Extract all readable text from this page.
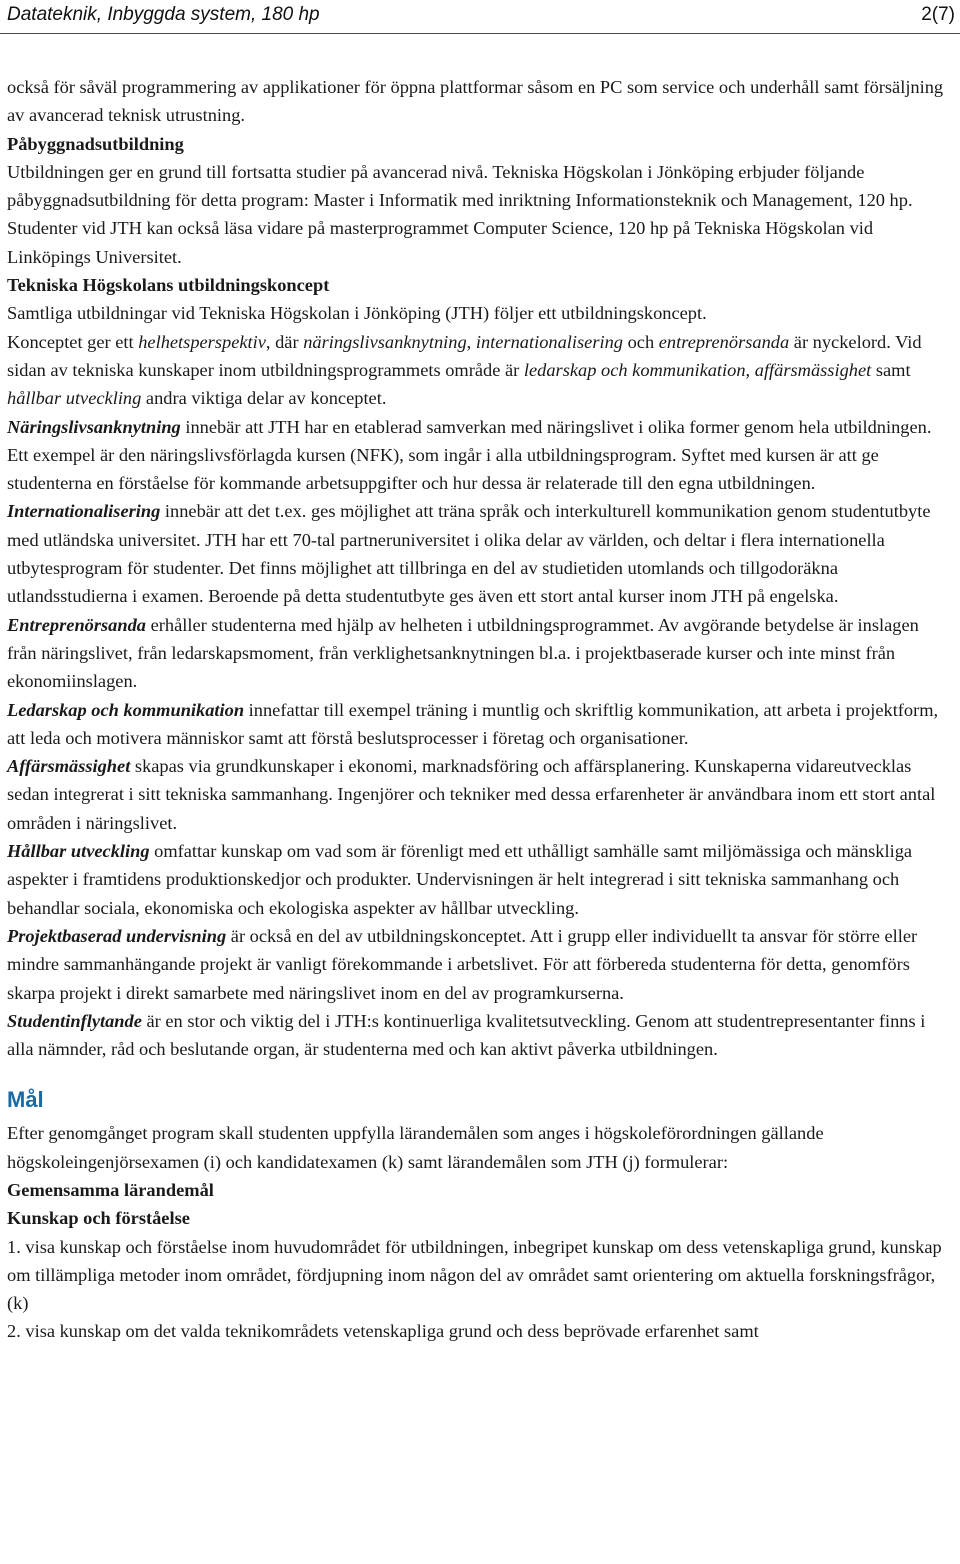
Datateknik, Inbyggda system, 180 hp	2(7)

också för såväl programmering av applikationer för öppna plattformar såsom en PC som service och underhåll samt försäljning av avancerad teknisk utrustning.

Påbyggnadsutbildning

Utbildningen ger en grund till fortsatta studier på avancerad nivå. Tekniska Högskolan i Jönköping erbjuder följande påbyggnadsutbildning för detta program: Master i Informatik med inriktning Informationsteknik och Management, 120 hp.

Studenter vid JTH kan också läsa vidare på masterprogrammet Computer Science, 120 hp på Tekniska Högskolan vid Linköpings Universitet.

Tekniska Högskolans utbildningskoncept

Samtliga utbildningar vid Tekniska Högskolan i Jönköping (JTH) följer ett utbildningskoncept.

Konceptet ger ett helhetsperspektiv, där näringslivsanknytning, internationalisering och entreprenörsanda är nyckelord. Vid sidan av tekniska kunskaper inom utbildningsprogrammets område är ledarskap och kommunikation, affärsmässighet samt hållbar utveckling andra viktiga delar av konceptet.

Näringslivsanknytning innebär att JTH har en etablerad samverkan med näringslivet i olika former genom hela utbildningen. Ett exempel är den näringslivsförlagda kursen (NFK), som ingår i alla utbildningsprogram. Syftet med kursen är att ge studenterna en förståelse för kommande arbetsuppgifter och hur dessa är relaterade till den egna utbildningen.

Internationalisering innebär att det t.ex. ges möjlighet att träna språk och interkulturell kommunikation genom studentutbyte med utländska universitet. JTH har ett 70-tal partneruniversitet i olika delar av världen, och deltar i flera internationella utbytesprogram för studenter. Det finns möjlighet att tillbringa en del av studietiden utomlands och tillgodoräkna utlandsstudierna i examen. Beroende på detta studentutbyte ges även ett stort antal kurser inom JTH på engelska.

Entreprenörsanda erhåller studenterna med hjälp av helheten i utbildningsprogrammet. Av avgörande betydelse är inslagen från näringslivet, från ledarskapsmoment, från verklighetsanknytningen bl.a. i projektbaserade kurser och inte minst från ekonomiinslagen.

Ledarskap och kommunikation innefattar till exempel träning i muntlig och skriftlig kommunikation, att arbeta i projektform, att leda och motivera människor samt att förstå beslutsprocesser i företag och organisationer.

Affärsmässighet skapas via grundkunskaper i ekonomi, marknadsföring och affärsplanering. Kunskaperna vidareutvecklas sedan integrerat i sitt tekniska sammanhang. Ingenjörer och tekniker med dessa erfarenheter är användbara inom ett stort antal områden i näringslivet.

Hållbar utveckling omfattar kunskap om vad som är förenligt med ett uthålligt samhälle samt miljömässiga och mänskliga aspekter i framtidens produktionskedjor och produkter. Undervisningen är helt integrerad i sitt tekniska sammanhang och behandlar sociala, ekonomiska och ekologiska aspekter av hållbar utveckling.

Projektbaserad undervisning är också en del av utbildningskonceptet. Att i grupp eller individuellt ta ansvar för större eller mindre sammanhängande projekt är vanligt förekommande i arbetslivet. För att förbereda studenterna för detta, genomförs skarpa projekt i direkt samarbete med näringslivet inom en del av programkurserna.

Studentinflytande är en stor och viktig del i JTH:s kontinuerliga kvalitetsutveckling. Genom att studentrepresentanter finns i alla nämnder, råd och beslutande organ, är studenterna med och kan aktivt påverka utbildningen.

Mål

Efter genomgånget program skall studenten uppfylla lärandemålen som anges i högskoleförordningen gällande högskoleingenjörsexamen (i) och kandidatexamen (k) samt lärandemålen som JTH (j) formulerar:

Gemensamma lärandemål

Kunskap och förståelse

1. visa kunskap och förståelse inom huvudområdet för utbildningen, inbegripet kunskap om dess vetenskapliga grund, kunskap om tillämpliga metoder inom området, fördjupning inom någon del av området samt orientering om aktuella forskningsfrågor,(k)

2. visa kunskap om det valda teknikområdets vetenskapliga grund och dess beprövade erfarenhet samt
